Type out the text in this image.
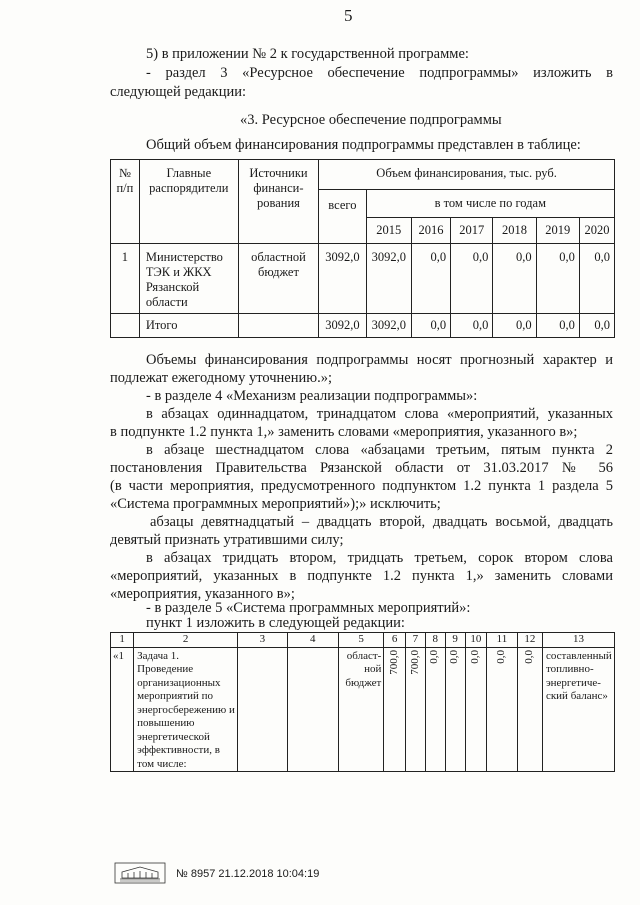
5

5) в приложении № 2 к государственной программе:

- раздел 3 «Ресурсное обеспечение подпрограммы» изложить в

следующей редакции:

«3. Ресурсное обеспечение подпрограммы

Общий объем финансирования подпрограммы представлен в таблице:

№ п/п	Главные распорядители	Источники финанси-рования	Объем финансирования, тыс. руб.						
			всего	в том числе по годам					
				2015	2016	2017	2018	2019	2020
1	Министерство ТЭК и ЖКХ Рязанской области	областной бюджет	3092,0	3092,0	0,0	0,0	0,0	0,0	0,0
	Итого		3092,0	3092,0	0,0	0,0	0,0	0,0	0,0

Объемы финансирования подпрограммы носят прогнозный характер и

подлежат ежегодному уточнению.»;

- в разделе 4 «Механизм реализации подпрограммы»:

в абзацах одиннадцатом, тринадцатом слова «мероприятий, указанных

в подпункте 1.2 пункта 1,» заменить словами «мероприятия, указанного в»;

в абзаце шестнадцатом слова «абзацами третьим, пятым пункта 2

постановления Правительства Рязанской области от 31.03.2017 № 56

(в части мероприятия, предусмотренного подпунктом 1.2 пункта 1 раздела 5

«Система программных мероприятий»);» исключить;

абзацы девятнадцатый – двадцать второй, двадцать восьмой, двадцать

девятый признать утратившими силу;

в абзацах тридцать втором, тридцать третьем, сорок втором слова

«мероприятий, указанных в подпункте 1.2 пункта 1,» заменить словами

«мероприятия, указанного в»;

- в разделе 5 «Система программных мероприятий»:

пункт 1 изложить в следующей редакции:

1	2	3	4	5	6	7	8	9	10	11	12	13
«1	Задача 1. Проведение организационных мероприятий по энергосбережению и повышению энергетической эффективности, в том числе:			област-ной бюджет	700,0	700,0	0,0	0,0	0,0	0,0	0,0	составленный топливно-энергетиче-ский баланс»
№ 8957 21.12.2018 10:04:19
